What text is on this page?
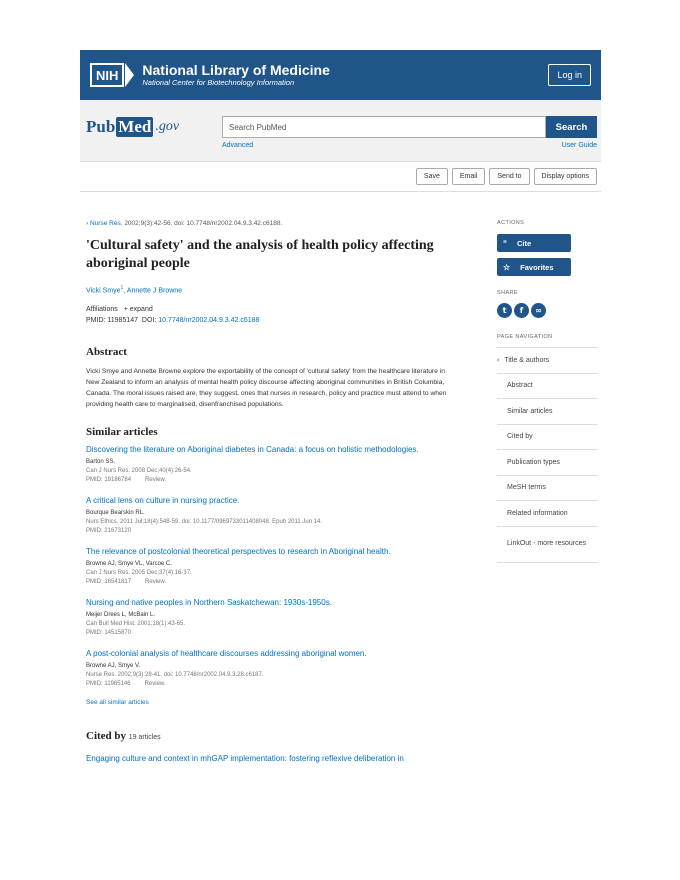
NIH	National Library of Medicine
National Center for Biotechnology Information
Log in
Pub Med .gov	Search PubMed	Search
Advanced	User Guide
Save	Email	Send to	Display options
› Nurse Res. 2002;9(3):42-56. doi: 10.7748/nr2002.04.9.3.42.c6188.
'Cultural safety' and the analysis of health policy affecting aboriginal people
Vicki Smye$^1$, Annette J Browne
Affiliations + expand
PMID: 11985147 DOI: 10.7748/nr2002.04.9.3.42.c6188
Abstract
Vicki Smye and Annette Browne explore the exportability of the concept of 'cultural safety' from the healthcare literature in New Zealand to inform an analysis of mental health policy discourse affecting aboriginal communities in British Columbia, Canada. The moral issues raised are, they suggest, ones that nurses in research, policy and practice must attend to when providing health care to marginalised, disenfranchised populations.
Similar articles
Discovering the literature on Aboriginal diabetes in Canada: a focus on holistic methodologies.
Barton SS.
Can J Nurs Res. 2008 Dec;40(4):26-54.
PMID: 19186784 Review.
A critical lens on culture in nursing practice.
Bourque Bearskin RL.
Nurs Ethics. 2011 Jul;18(4):548-59. doi: 10.1177/0969733011408048. Epub 2011 Jun 14.
PMID: 21673120
The relevance of postcolonial theoretical perspectives to research in Aboriginal health.
Browne AJ, Smye VL, Varcoe C.
Can J Nurs Res. 2005 Dec;37(4):16-37.
PMID: 16541817 Review.
Nursing and native peoples in Northern Saskatchewan: 1930s-1950s.
Meijer Drees L, McBain L.
Can Bull Med Hist. 2001;18(1):43-65.
PMID: 14515870
A post-colonial analysis of healthcare discourses addressing aboriginal women.
Browne AJ, Smye V.
Nurse Res. 2002;9(3):28-41. doi: 10.7748/nr2002.04.9.3.28.c6187.
PMID: 11985146 Review.
See all similar articles
Cited by 19 articles
Engaging culture and context in mhGAP implementation: fostering reflexive deliberation in
ACTIONS
“ Cite
☆ Favorites
SHARE
t	f	∞
PAGE NAVIGATION
‹ Title & authors
Abstract
Similar articles
Cited by
Publication types
MeSH terms
Related information
LinkOut - more resources
